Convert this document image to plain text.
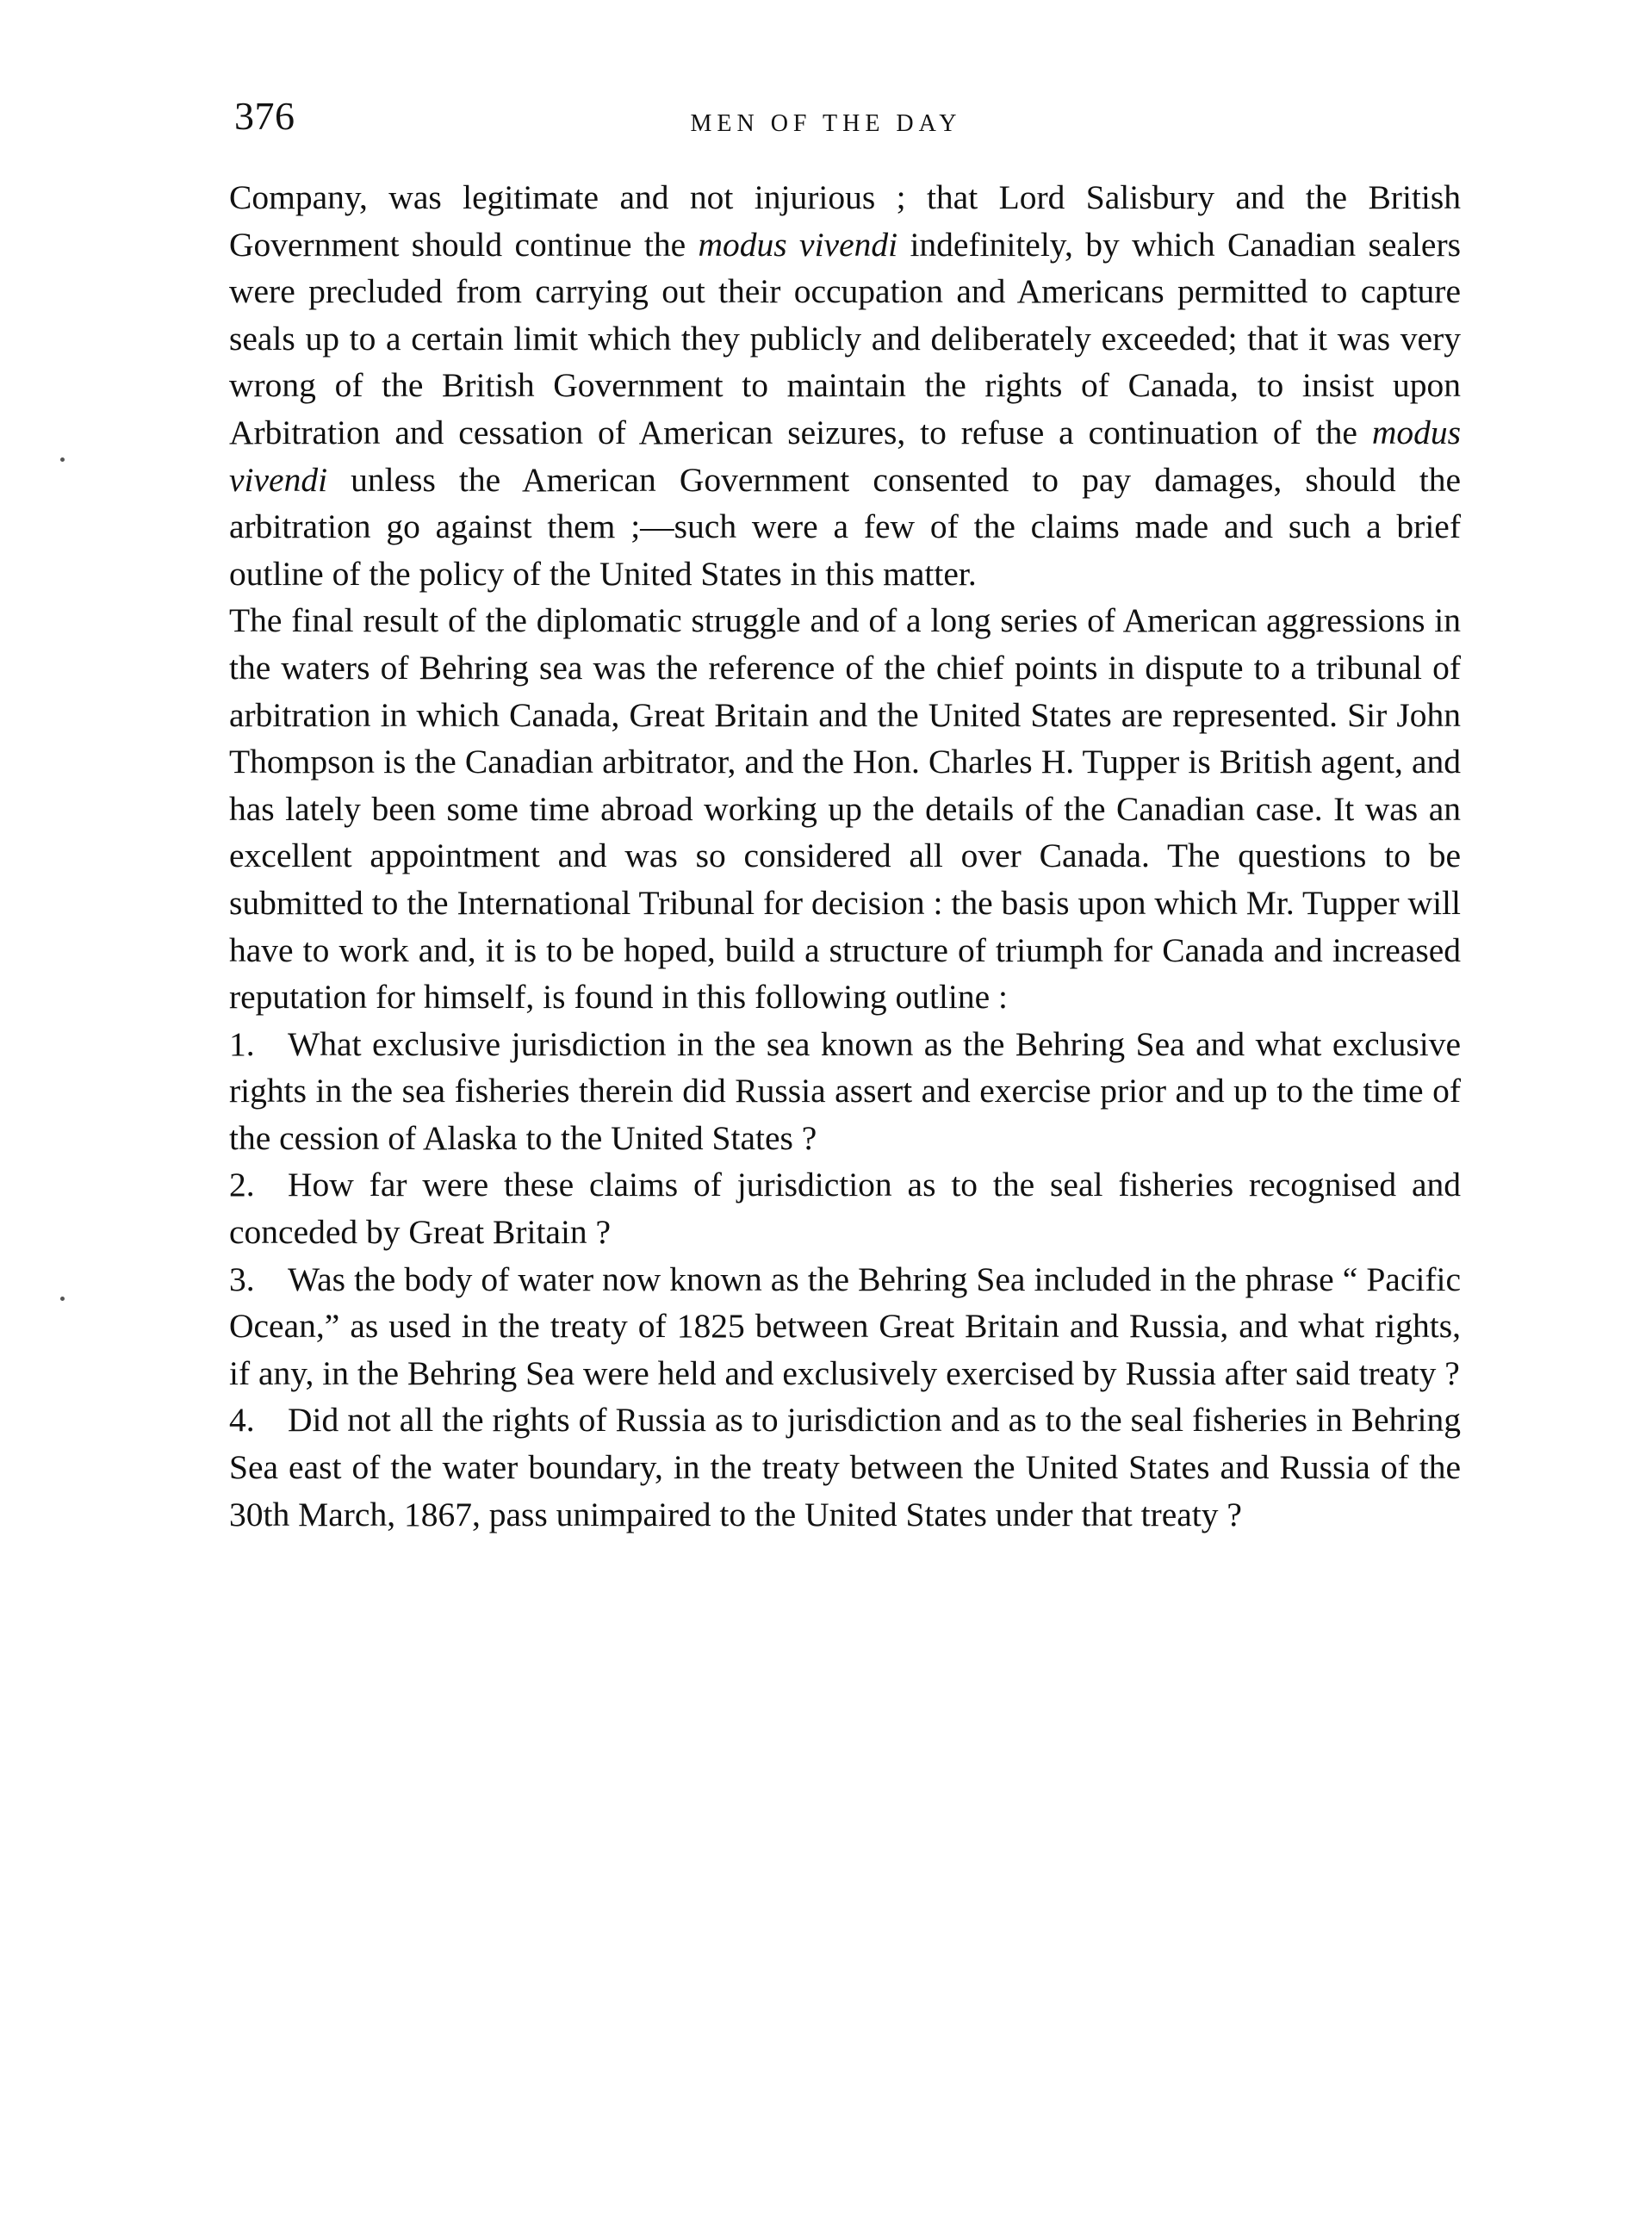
376	MEN OF THE DAY

Company, was legitimate and not injurious ; that Lord Salisbury and the British Government should continue the modus vivendi indefinitely, by which Canadian sealers were precluded from carrying out their occupation and Americans permitted to capture seals up to a certain limit which they publicly and deliberately exceeded; that it was very wrong of the British Government to maintain the rights of Canada, to insist upon Arbitration and cessation of American seizures, to refuse a continuation of the modus vivendi unless the American Government consented to pay damages, should the arbitration go against them ;—such were a few of the claims made and such a brief outline of the policy of the United States in this matter.

The final result of the diplomatic struggle and of a long series of American aggressions in the waters of Behring sea was the reference of the chief points in dispute to a tribunal of arbitration in which Canada, Great Britain and the United States are represented. Sir John Thompson is the Canadian arbitrator, and the Hon. Charles H. Tupper is British agent, and has lately been some time abroad working up the details of the Canadian case. It was an excellent appointment and was so considered all over Canada. The questions to be submitted to the International Tribunal for decision : the basis upon which Mr. Tupper will have to work and, it is to be hoped, build a structure of triumph for Canada and increased reputation for himself, is found in this following outline :

1. What exclusive jurisdiction in the sea known as the Behring Sea and what exclusive rights in the sea fisheries therein did Russia assert and exercise prior and up to the time of the cession of Alaska to the United States ?

2. How far were these claims of jurisdiction as to the seal fisheries recognised and conceded by Great Britain ?

3. Was the body of water now known as the Behring Sea included in the phrase “ Pacific Ocean,” as used in the treaty of 1825 between Great Britain and Russia, and what rights, if any, in the Behring Sea were held and exclusively exercised by Russia after said treaty ?

4. Did not all the rights of Russia as to jurisdiction and as to the seal fisheries in Behring Sea east of the water boundary, in the treaty between the United States and Russia of the 30th March, 1867, pass unimpaired to the United States under that treaty ?
